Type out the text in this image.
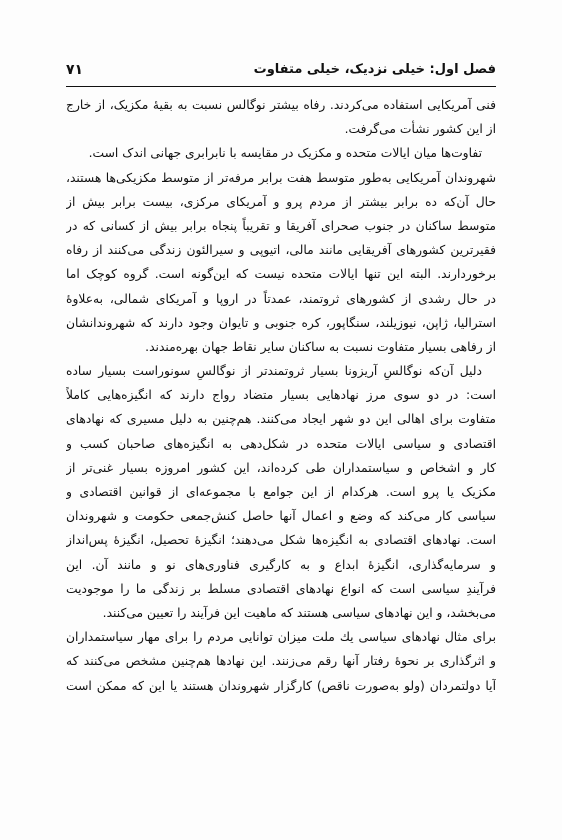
فصل اول: خیلی نزدیک، خیلی متفاوت
۷۱
فنی آمریکایی استفاده می‌کردند. رفاه بیشتر نوگالس نسبت به بقیهٔ مکزیک، از خارج
از این کشور نشأت می‌گرفت.
تفاوت‌ها میان ایالات متحده و مکزیک در مقایسه با نابرابری جهانی اندک است.
شهروندان آمریکایی به‌طور متوسط هفت برابر مرفه‌تر از متوسط مکزیکی‌ها هستند،
حال آن‌که ده برابر بیشتر از مردم پرو و آمریکای مرکزی، بیست برابر بیش از
متوسط ساکنان در جنوب صحرای آفریقا و تقریباً پنجاه برابر بیش از کسانی که در
فقیرترین کشورهای آفریقایی مانند مالی، اتیوپی و سیرالئون زندگی می‌کنند از رفاه
برخوردارند. البته این تنها ایالات متحده نیست که این‌گونه است. گروه کوچک اما
در حال رشدی از کشورهای ثروتمند، عمدتاً در اروپا و آمریکای شمالی، به‌علاوهٔ
استرالیا، ژاپن، نیوزیلند، سنگاپور، کره جنوبی و تایوان وجود دارند که شهروندانشان
از رفاهی بسیار متفاوت نسبت به ساکنان سایر نقاط جهان بهره‌مندند.
دلیل آن‌که نوگالسِ آریزونا بسیار ثروتمندتر از نوگالسِ سونوراست بسیار ساده
است: در دو سوی مرز نهادهایی بسیار متضاد رواج دارند که انگیزه‌هایی کاملاً
متفاوت برای اهالی این دو شهر ایجاد می‌کنند. هم‌چنین به دلیل مسیری که نهادهای
اقتصادی و سیاسی ایالات متحده در شکل‌دهی به انگیزه‌های صاحبان کسب و
کار و اشخاص و سیاستمداران طی کرده‌اند، این کشور امروزه بسیار غنی‌تر از
مکزیک یا پرو است. هرکدام از این جوامع با مجموعه‌ای از قوانین اقتصادی و
سیاسی کار می‌کند که وضع و اعمال آنها حاصل کنش‌جمعی حکومت و شهروندان
است. نهادهای اقتصادی به انگیزه‌ها شکل می‌دهند؛ انگیزهٔ تحصیل، انگیزهٔ پس‌انداز
و سرمایه‌گذاری، انگیزهٔ ابداع و به کارگیری فناوری‌های نو و مانند آن. این
فرآیندِ سیاسی است که انواع نهادهای اقتصادی مسلط بر زندگی ما را موجودیت
می‌بخشد، و این نهادهای سیاسی هستند که ماهیت این فرآیند را تعیین می‌کنند.
برای مثال نهادهای سیاسی یك ملت میزان توانایی مردم را برای مهار سیاستمداران
و اثرگذاری بر نحوهٔ رفتار آنها رقم می‌زنند. این نهادها هم‌چنین مشخص می‌کنند که
آیا دولتمردان (ولو به‌صورت ناقص) کارگزار شهروندان هستند یا این که ممکن است
